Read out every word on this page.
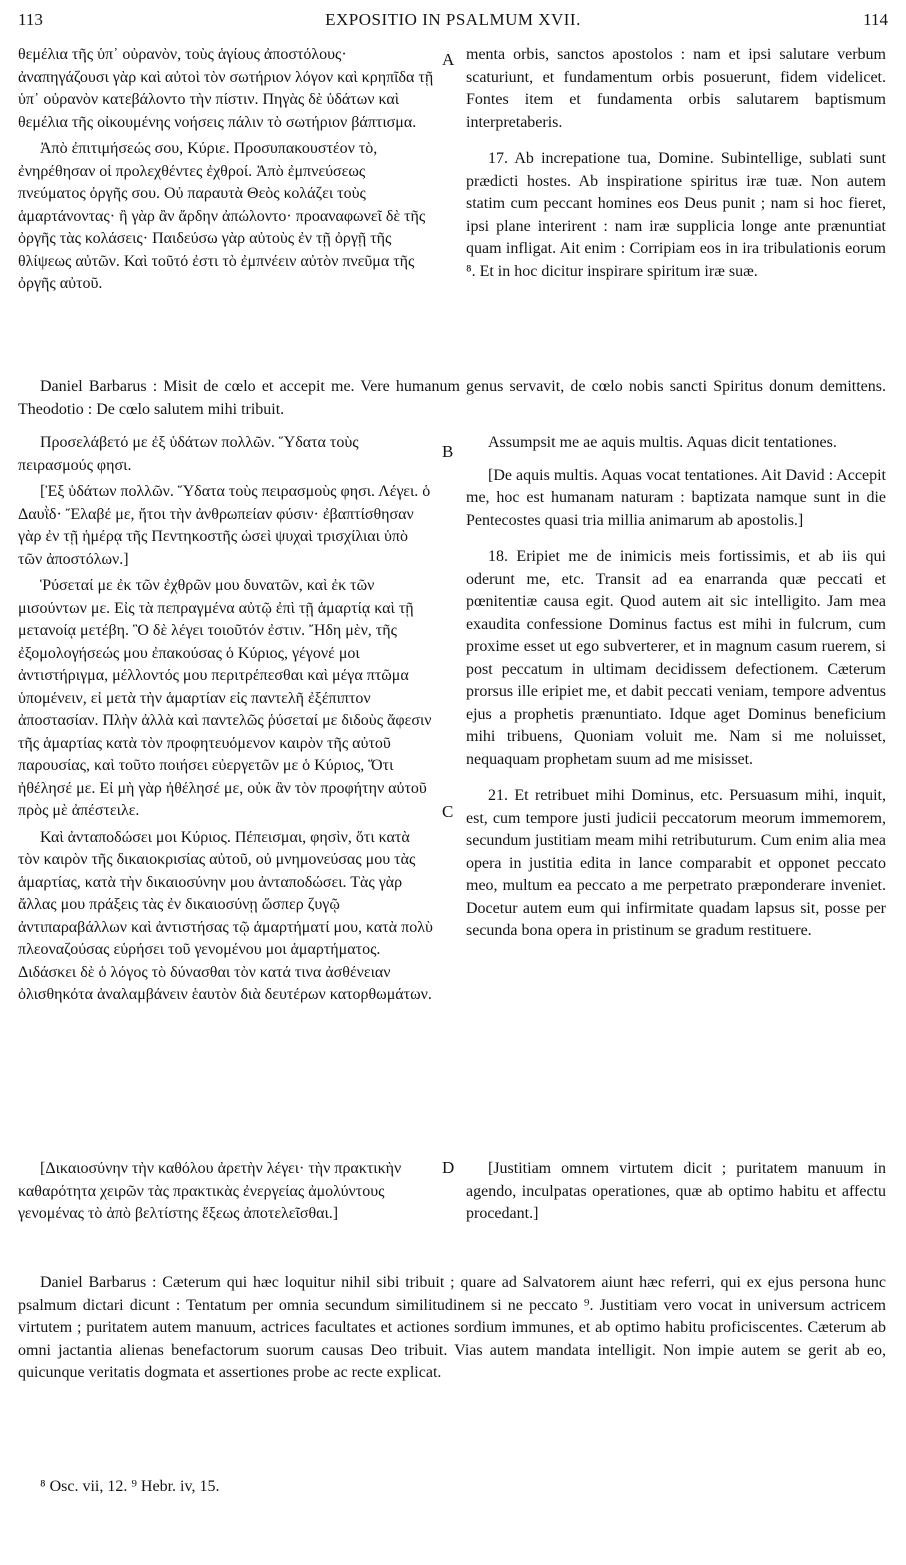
113	EXPOSITIO IN PSALMUM XVII.	114

θεμέλια τῆς ὑπ᾽ οὐρανὸν, τοὺς ἁγίους ἀποστόλους· ἀναπηγάζουσι γὰρ καὶ αὐτοὶ τὸν σωτήριον λόγον καὶ κρηπῖδα τῇ ὑπ᾽ οὐρανὸν κατεβάλοντο τὴν πίστιν. Πηγὰς δὲ ὑδάτων καὶ θεμέλια τῆς οἰκουμένης νοήσεις πάλιν τὸ σωτήριον βάπτισμα.

Ἀπὸ ἐπιτιμήσεώς σου, Κύριε. Προσυπακουστέον τὸ, ἐνηρέθησαν οἱ προλεχθέντες ἐχθροί. Ἀπὸ ἐμπνεύσεως πνεύματος ὀργῆς σου. Οὐ παραυτὰ Θεὸς κολάζει τοὺς ἁμαρτάνοντας· ἢ γὰρ ἂν ἄρδην ἀπώλοντο· προαναφωνεῖ δὲ τῆς ὀργῆς τὰς κολάσεις· Παιδεύσω γὰρ αὐτοὺς ἐν τῇ ὀργῇ τῆς θλίψεως αὐτῶν. Καὶ τοῦτό ἐστι τὸ ἐμπνέειν αὐτὸν πνεῦμα τῆς ὀργῆς αὐτοῦ.

A menta orbis, sanctos apostolos : nam et ipsi salutare verbum scaturiunt, et fundamentum orbis posuerunt, fidem videlicet. Fontes item et fundamenta orbis salutarem baptismum interpretaberis.

17. Ab increpatione tua, Domine. Subintellige, sublati sunt prædicti hostes. Ab inspiratione spiritus iræ tuæ. Non autem statim cum peccant homines eos Deus punit ; nam si hoc fieret, ipsi plane interirent : nam iræ supplicia longe ante prænuntiat quam infligat. Ait enim : Corripiam eos in ira tribulationis eorum ⁸. Et in hoc dicitur inspirare spiritum iræ suæ.

Daniel Barbarus : Misit de cœlo et accepit me. Vere humanum genus servavit, de cœlo nobis sancti Spiritus donum demittens. Theodotio : De cœlo salutem mihi tribuit.

Προσελάβετό με ἐξ ὑδάτων πολλῶν. Ὕδατα τοὺς πειρασμούς φησι.

[Ἐξ ὑδάτων πολλῶν. Ὕδατα τοὺς πειρασμοὺς φησι. Λέγει. ὁ Δαυῒδ· Ἔλαβέ με, ἤτοι τὴν ἀνθρωπείαν φύσιν· ἐβαπτίσθησαν γὰρ ἐν τῇ ἡμέρᾳ τῆς Πεντηκοστῆς ὡσεὶ ψυχαὶ τρισχίλιαι ὑπὸ τῶν ἀποστόλων.]

Ῥύσεταί με ἐκ τῶν ἐχθρῶν μου δυνατῶν, καὶ ἐκ τῶν μισούντων με. Εἰς τὰ πεπραγμένα αὐτῷ ἐπὶ τῇ ἁμαρτίᾳ καὶ τῇ μετανοίᾳ μετέβη. Ὃ δὲ λέγει τοιοῦτόν ἐστιν. Ἤδη μὲν, τῆς ἐξομολογήσεώς μου ἐπακούσας ὁ Κύριος, γέγονέ μοι ἀντιστήριγμα, μέλλοντός μου περιτρέπεσθαι καὶ μέγα πτῶμα ὑπομένειν, εἰ μετὰ τὴν ἁμαρτίαν εἰς παντελῆ ἐξέπιπτον ἀποστασίαν. Πλὴν ἀλλὰ καὶ παντελῶς ῥύσεταί με διδοὺς ἄφεσιν τῆς ἁμαρτίας κατὰ τὸν προφητευόμενον καιρὸν τῆς αὐτοῦ παρουσίας, καὶ τοῦτο ποιήσει εὐεργετῶν με ὁ Κύριος, Ὅτι ἠθέλησέ με. Εἰ μὴ γὰρ ἠθέλησέ με, οὐκ ἂν τὸν προφήτην αὐτοῦ πρὸς μὲ ἀπέστειλε.

Καὶ ἀνταποδώσει μοι Κύριος. Πέπεισμαι, φησὶν, ὅτι κατὰ τὸν καιρὸν τῆς δικαιοκρισίας αὐτοῦ, οὐ μνημονεύσας μου τὰς ἁμαρτίας, κατὰ τὴν δικαιοσύνην μου ἀνταποδώσει. Τὰς γὰρ ἄλλας μου πράξεις τὰς ἐν δικαιοσύνῃ ὥσπερ ζυγῷ ἀντιπαραβάλλων καὶ ἀντιστήσας τῷ ἁμαρτήματί μου, κατὰ πολὺ πλεοναζούσας εὑρήσει τοῦ γενομένου μοι ἁμαρτήματος. Διδάσκει δὲ ὁ λόγος τὸ δύνασθαι τὸν κατά τινα ἀσθένειαν ὀλισθηκότα ἀναλαμβάνειν ἑαυτὸν διὰ δευτέρων κατορθωμάτων.

B
C

Assumpsit me ae aquis multis. Aquas dicit tentationes.

[De aquis multis. Aquas vocat tentationes. Ait David : Accepit me, hoc est humanam naturam : baptizata namque sunt in die Pentecostes quasi tria millia animarum ab apostolis.]

18. Eripiet me de inimicis meis fortissimis, et ab iis qui oderunt me, etc. Transit ad ea enarranda quæ peccati et pœnitentiæ causa egit. Quod autem ait sic intelligito. Jam mea exaudita confessione Dominus factus est mihi in fulcrum, cum proxime esset ut ego subverterer, et in magnum casum ruerem, si post peccatum in ultimam decidissem defectionem. Cæterum prorsus ille eripiet me, et dabit peccati veniam, tempore adventus ejus a prophetis prænuntiato. Idque aget Dominus beneficium mihi tribuens, Quoniam voluit me. Nam si me noluisset, nequaquam prophetam suum ad me misisset.

21. Et retribuet mihi Dominus, etc. Persuasum mihi, inquit, est, cum tempore justi judicii peccatorum meorum immemorem, secundum justitiam meam mihi retributurum. Cum enim alia mea opera in justitia edita in lance comparabit et opponet peccato meo, multum ea peccato a me perpetrato præponderare inveniet. Docetur autem eum qui infirmitate quadam lapsus sit, posse per secunda bona opera in pristinum se gradum restituere.

[Δικαιοσύνην τὴν καθόλου ἀρετὴν λέγει· τὴν πρακτικὴν καθαρότητα χειρῶν τὰς πρακτικὰς ἐνεργείας ἀμολύντους γενομένας τὸ ἀπὸ βελτίστης ἕξεως ἀποτελεῖσθαι.]

D	[Justitiam omnem virtutem dicit ; puritatem manuum in agendo, inculpatas operationes, quæ ab optimo habitu et affectu procedant.]

Daniel Barbarus : Cæterum qui hæc loquitur nihil sibi tribuit ; quare ad Salvatorem aiunt hæc referri, qui ex ejus persona hunc psalmum dictari dicunt : Tentatum per omnia secundum similitudinem si ne peccato ⁹. Justitiam vero vocat in universum actricem virtutem ; puritatem autem manuum, actrices facultates et actiones sordium immunes, et ab optimo habitu proficiscentes. Cæterum ab omni jactantia alienas benefactorum suorum causas Deo tribuit. Vias autem mandata intelligit. Non impie autem se gerit ab eo, quicunque veritatis dogmata et assertiones probe ac recte explicat.

⁸ Osc. vii, 12. ⁹ Hebr. iv, 15.
